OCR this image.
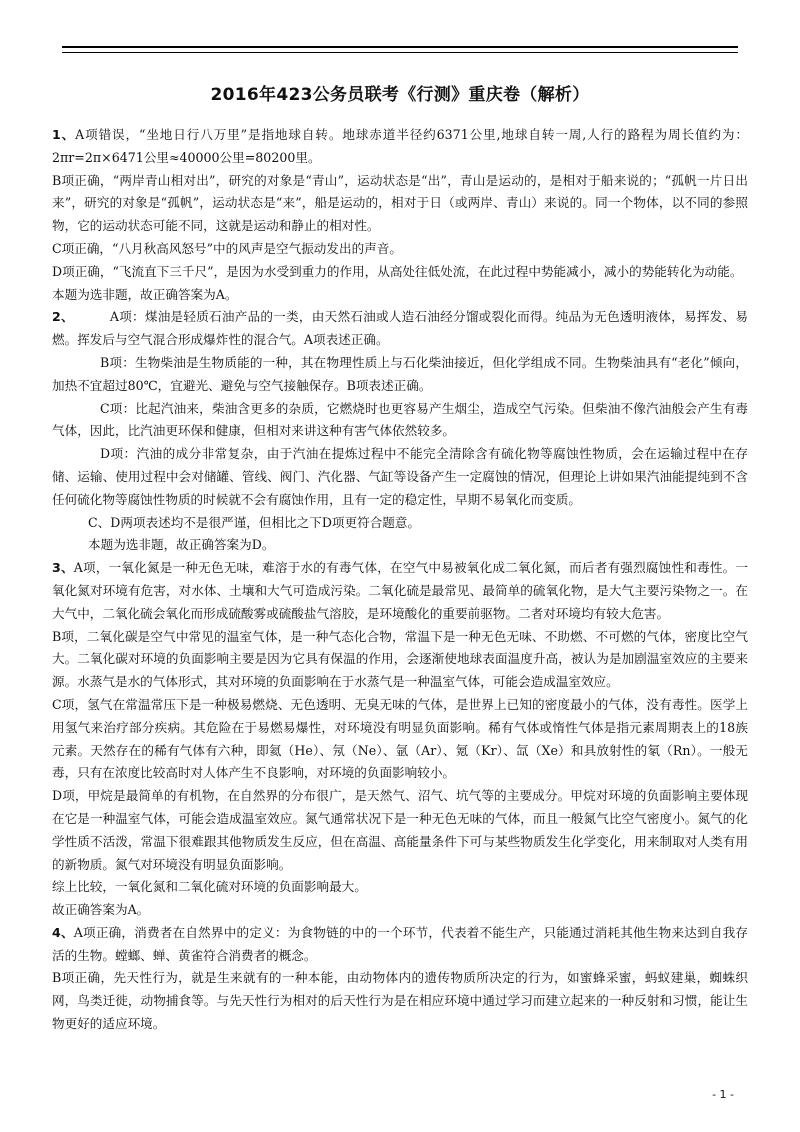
2016年423公务员联考《行测》重庆卷（解析）

1、A项错误，“坐地日行八万里”是指地球自转。地球赤道半径约6371公里,地球自转一周,人行的路程为周长值约为：2πr=2π×6471公里≈40000公里=80200里。

B项正确，“两岸青山相对出”，研究的对象是“青山”，运动状态是“出”，青山是运动的，是相对于船来说的；“孤帆一片日出来”，研究的对象是“孤帆”，运动状态是“来”，船是运动的，相对于日（或两岸、青山）来说的。同一个物体，以不同的参照物，它的运动状态可能不同，这就是运动和静止的相对性。

C项正确，“八月秋高风怒号”中的风声是空气振动发出的声音。

D项正确，“飞流直下三千尺”，是因为水受到重力的作用，从高处往低处流，在此过程中势能减小，减小的势能转化为动能。

本题为选非题，故正确答案为A。

2、	A项：煤油是轻质石油产品的一类，由天然石油或人造石油经分馏或裂化而得。纯品为无色透明液体，易挥发、易燃。挥发后与空气混合形成爆炸性的混合气。A项表述正确。

B项：生物柴油是生物质能的一种，其在物理性质上与石化柴油接近，但化学组成不同。生物柴油具有“老化”倾向，加热不宜超过80℃，宜避光、避免与空气接触保存。B项表述正确。

C项：比起汽油来，柴油含更多的杂质，它燃烧时也更容易产生烟尘，造成空气污染。但柴油不像汽油般会产生有毒气体，因此，比汽油更环保和健康，但相对来讲这种有害气体依然较多。

D项：汽油的成分非常复杂，由于汽油在提炼过程中不能完全清除含有硫化物等腐蚀性物质，会在运输过程中在存储、运输、使用过程中会对储罐、管线、阀门、汽化器、气缸等设备产生一定腐蚀的情况，但理论上讲如果汽油能提纯到不含任何硫化物等腐蚀性物质的时候就不会有腐蚀作用，且有一定的稳定性，早期不易氧化而变质。

C、D两项表述均不是很严谨，但相比之下D项更符合题意。

本题为选非题，故正确答案为D。

3、A项，一氧化氮是一种无色无味，难溶于水的有毒气体，在空气中易被氧化成二氧化氮，而后者有强烈腐蚀性和毒性。一氧化氮对环境有危害，对水体、土壤和大气可造成污染。二氧化硫是最常见、最简单的硫氧化物，是大气主要污染物之一。在大气中，二氧化硫会氧化而形成硫酸雾或硫酸盐气溶胶，是环境酸化的重要前驱物。二者对环境均有较大危害。

B项，二氧化碳是空气中常见的温室气体，是一种气态化合物，常温下是一种无色无味、不助燃、不可燃的气体，密度比空气大。二氧化碳对环境的负面影响主要是因为它具有保温的作用，会逐渐使地球表面温度升高，被认为是加剧温室效应的主要来源。水蒸气是水的气体形式，其对环境的负面影响在于水蒸气是一种温室气体，可能会造成温室效应。

C项，氢气在常温常压下是一种极易燃烧、无色透明、无臭无味的气体，是世界上已知的密度最小的气体，没有毒性。医学上用氢气来治疗部分疾病。其危险在于易燃易爆性，对环境没有明显负面影响。稀有气体或惰性气体是指元素周期表上的18族元素。天然存在的稀有气体有六种，即氦（He）、氖（Ne）、氩（Ar）、氪（Kr）、氙（Xe）和具放射性的氡（Rn）。一般无毒，只有在浓度比较高时对人体产生不良影响，对环境的负面影响较小。

D项，甲烷是最简单的有机物，在自然界的分布很广，是天然气、沼气、坑气等的主要成分。甲烷对环境的负面影响主要体现在它是一种温室气体，可能会造成温室效应。氮气通常状况下是一种无色无味的气体，而且一般氮气比空气密度小。氮气的化学性质不活泼，常温下很难跟其他物质发生反应，但在高温、高能量条件下可与某些物质发生化学变化，用来制取对人类有用的新物质。氮气对环境没有明显负面影响。

综上比较，一氧化氮和二氧化硫对环境的负面影响最大。

故正确答案为A。

4、A项正确，消费者在自然界中的定义：为食物链的中的一个环节，代表着不能生产，只能通过消耗其他生物来达到自我存活的生物。螳螂、蝉、黄雀符合消费者的概念。

B项正确，先天性行为，就是生来就有的一种本能，由动物体内的遗传物质所决定的行为，如蜜蜂采蜜，蚂蚁建巢，蜘蛛织网，鸟类迁徙，动物捕食等。与先天性行为相对的后天性行为是在相应环境中通过学习而建立起来的一种反射和习惯，能让生物更好的适应环境。

- 1 -
